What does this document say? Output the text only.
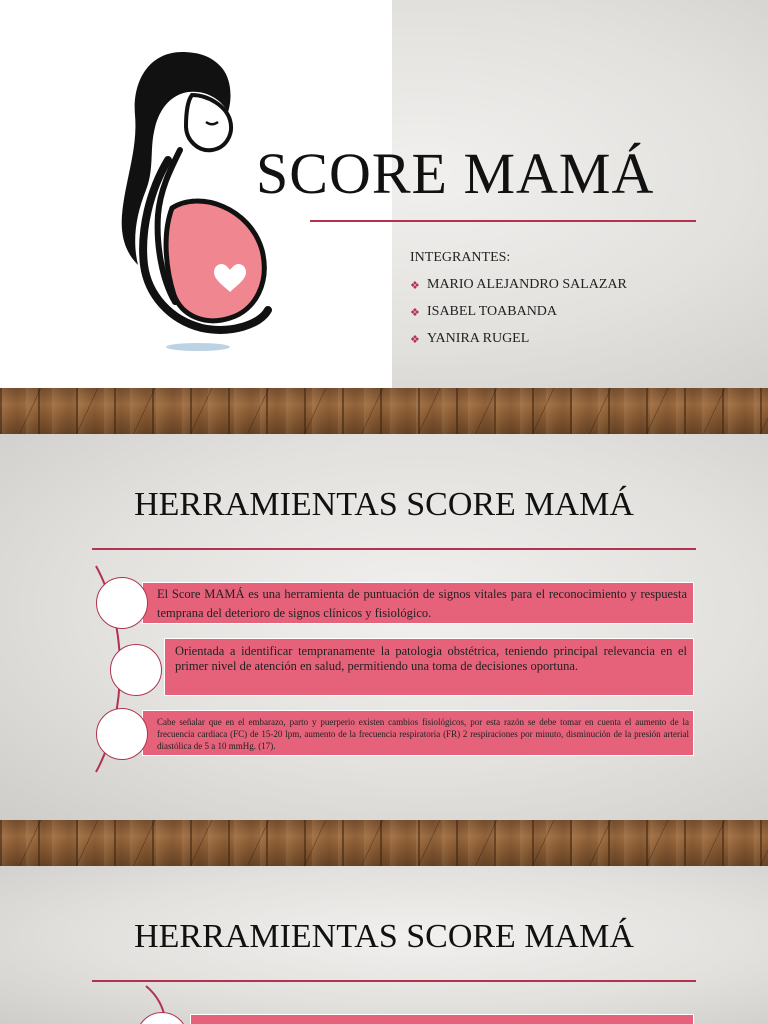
SCORE MAMÁ
INTEGRANTES:
❖ MARIO ALEJANDRO SALAZAR
❖ ISABEL TOABANDA
❖ YANIRA RUGEL
HERRAMIENTAS SCORE MAMÁ
El Score MAMÁ es una herramienta de puntuación de signos vitales para el reconocimiento y respuesta temprana del deterioro de signos clínicos y fisiológico.
Orientada a identificar tempranamente la patologia obstétrica, teniendo principal relevancia en el primer nivel de atención en salud, permitiendo una toma de decisiones oportuna.
Cabe señalar que en el embarazo, parto y puerperio existen cambios fisiológicos, por esta razón se debe tomar en cuenta el aumento de la frecuencia cardiaca (FC) de 15-20 lpm, aumento de la frecuencia respiratoria (FR) 2 respiraciones por minuto, disminución de la presión arterial diastólica de 5 a 10 mmHg. (17).
HERRAMIENTAS SCORE MAMÁ
